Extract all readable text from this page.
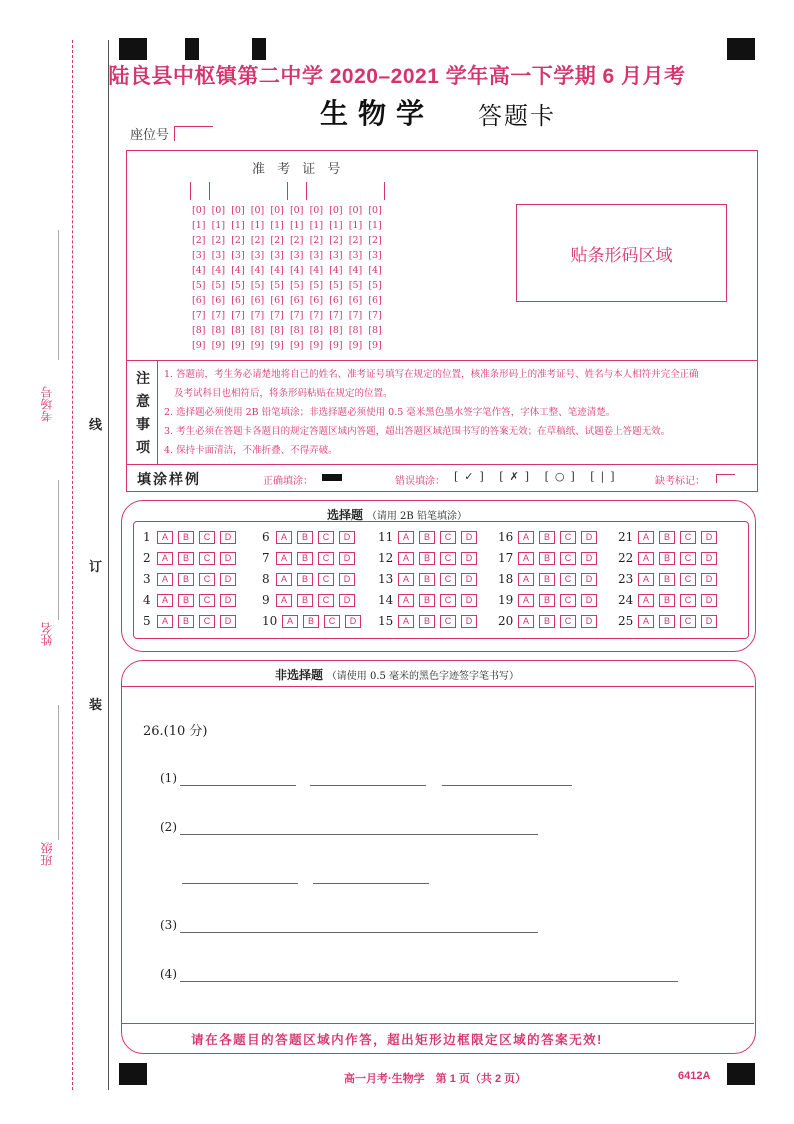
考场号
姓名
班级
线
订
装
陆良县中枢镇第二中学 2020–2021 学年高一下学期 6 月月考
生物学 答题卡
座位号
准 考 证 号
[0] [0] [0] [0] [0] [0] [0] [0] [0] [0]
[1] [1] [1] [1] [1] [1] [1] [1] [1] [1]
[2] [2] [2] [2] [2] [2] [2] [2] [2] [2]
[3] [3] [3] [3] [3] [3] [3] [3] [3] [3]
[4] [4] [4] [4] [4] [4] [4] [4] [4] [4]
[5] [5] [5] [5] [5] [5] [5] [5] [5] [5]
[6] [6] [6] [6] [6] [6] [6] [6] [6] [6]
[7] [7] [7] [7] [7] [7] [7] [7] [7] [7]
[8] [8] [8] [8] [8] [8] [8] [8] [8] [8]
[9] [9] [9] [9] [9] [9] [9] [9] [9] [9]
贴条形码区域
注
意
事
项
1. 答题前，考生务必请楚地将自己的姓名、准考证号填写在规定的位置，核准条形码上的准考证号、姓名与本人相符并完全正确
及考试科目也相符后，将条形码粘贴在规定的位置。
2. 选择题必须使用 2B 铅笔填涂；非选择题必须使用 0.5 毫米黑色墨水签字笔作答，字体工整、笔迹清楚。
3. 考生必须在答题卡各题目的规定答题区域内答题，超出答题区域范围书写的答案无效；在草稿纸、试题卷上答题无效。
4. 保持卡面清洁，不准折叠、不得弄破。
填涂样例	正确填涂：	错误填涂： [✓] [✗] [○] [|]	缺考标记：
选择题 （请用 2B 铅笔填涂）
1 A B C D
2 A B C D
3 A B C D
4 A B C D
5 A B C D
6 A B C D
7 A B C D
8 A B C D
9 A B C D
10 A B C D
11 A B C D
12 A B C D
13 A B C D
14 A B C D
15 A B C D
16 A B C D
17 A B C D
18 A B C D
19 A B C D
20 A B C D
21 A B C D
22 A B C D
23 A B C D
24 A B C D
25 A B C D
非选择题 （请使用 0.5 毫米的黑色字迹签字笔书写）
26.(10 分)
(1)
(2)
(3)
(4)
请在各题目的答题区域内作答，超出矩形边框限定区域的答案无效!
高一月考·生物学　第 1 页（共 2 页）	6412A
